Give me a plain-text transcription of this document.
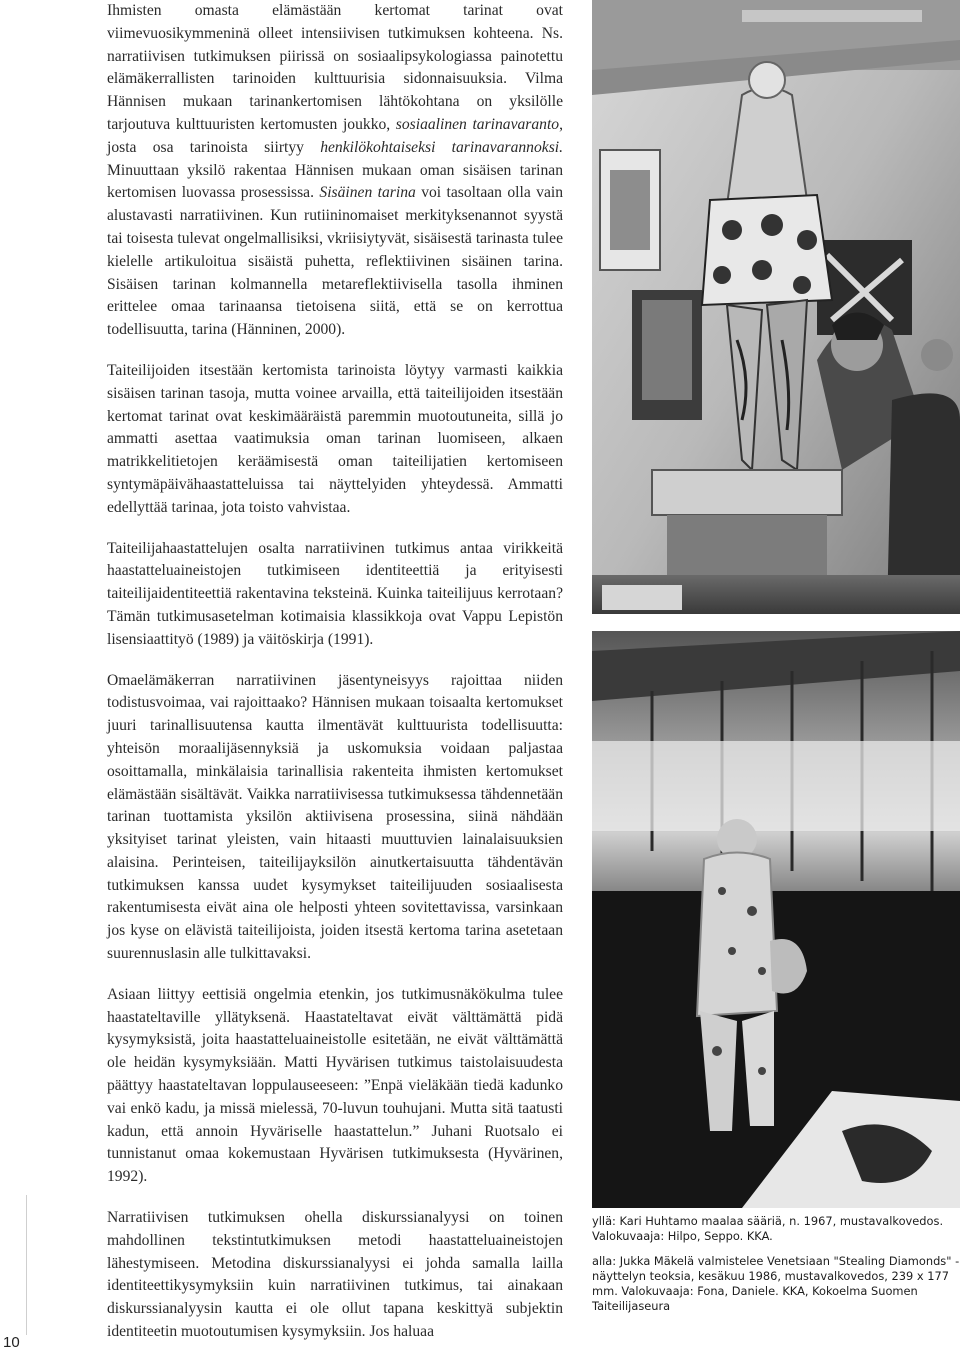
Ihmisten omasta elämästään kertomat tarinat ovat viimevuosikymmeninä olleet intensiivisen tutkimuksen kohteena. Ns. narratiivisen tutkimuksen piirissä on sosiaalipsykologiassa painotettu elämäkerrallisten tarinoiden kulttuurisia sidonnaisuuksia. Vilma Hännisen mukaan tarinankertomisen lähtökohtana on yksilölle tarjoutuva kulttuuristen kertomusten joukko, sosiaalinen tarinavaranto, josta osa tarinoista siirtyy henkilökohtaiseksi tarinavarannoksi. Minuuttaan yksilö rakentaa Hännisen mukaan oman sisäisen tarinan kertomisen luovassa prosessissa. Sisäinen tarina voi tasoltaan olla vain alustavasti narratiivinen. Kun rutiininomaiset merkityksenannot syystä tai toisesta tulevat ongelmallisiksi, vkriisiytyvät, sisäisestä tarinasta tulee kielelle artikuloitua sisäistä puhetta, reflektiivinen sisäinen tarina. Sisäisen tarinan kolmannella metareflektiivisella tasolla ihminen erittelee omaa tarinaansa tietoisena siitä, että se on kerrottua todellisuutta, tarina (Hänninen, 2000).

Taiteilijoiden itsestään kertomista tarinoista löytyy varmasti kaikkia sisäisen tarinan tasoja, mutta voinee arvailla, että taiteilijoiden itsestään kertomat tarinat ovat keskimääräistä paremmin muotoutuneita, sillä jo ammatti asettaa vaatimuksia oman tarinan luomiseen, alkaen matrikkelitietojen keräämisestä oman taiteilijatien kertomiseen syntymäpäivähaastatteluissa tai näyttelyiden yhteydessä. Ammatti edellyttää tarinaa, jota toisto vahvistaa.

Taiteilijahaastattelujen osalta narratiivinen tutkimus antaa virikkeitä haastatteluaineistojen tutkimiseen identiteettiä ja erityisesti taiteilijaidentiteettiä rakentavina teksteinä. Kuinka taiteilijuus kerrotaan? Tämän tutkimusasetelman kotimaisia klassikkoja ovat Vappu Lepistön lisensiaattityö (1989) ja väitöskirja (1991).

Omaelämäkerran narratiivinen jäsentyneisyys rajoittaa niiden todistusvoimaa, vai rajoittaako? Hännisen mukaan toisaalta kertomukset juuri tarinallisuutensa kautta ilmentävät kulttuurista todellisuutta: yhteisön moraalijäsennyksiä ja uskomuksia voidaan paljastaa osoittamalla, minkälaisia tarinallisia rakenteita ihmisten kertomukset elämästään sisältävät. Vaikka narratiivisessa tutkimuksessa tähdennetään tarinan tuottamista yksilön aktiivisena prosessina, siinä nähdään yksityiset tarinat yleisten, vain hitaasti muuttuvien lainalaisuuksien alaisina. Perinteisen, taiteilijayksilön ainutkertaisuutta tähdentävän tutkimuksen kanssa uudet kysymykset taiteilijuuden sosiaalisesta rakentumisesta eivät aina ole helposti yhteen sovitettavissa, varsinkaan jos kyse on elävistä taiteilijoista, joiden itsestä kertoma tarina asetetaan suurennuslasin alle tulkittavaksi.

Asiaan liittyy eettisiä ongelmia etenkin, jos tutkimusnäkökulma tulee haastateltaville yllätyksenä. Haastateltavat eivät välttämättä pidä kysymyksistä, joita haastatteluaineistolle esitetään, ne eivät välttämättä ole heidän kysymyksiään. Matti Hyvärisen tutkimus taistolaisuudesta päättyy haastateltavan loppulauseeseen: ”Enpä vieläkään tiedä kadunko vai enkö kadu, ja missä mielessä, 70-luvun touhujani. Mutta sitä taatusti kadun, että annoin Hyväriselle haastattelun.” Juhani Ruotsalo ei tunnistanut omaa kokemustaan Hyvärisen tutkimuksesta (Hyvärinen, 1992).

Narratiivisen tutkimuksen ohella diskurssianalyysi on toinen mahdollinen tekstintutkimuksen metodi haastatteluaineistojen lähestymiseen. Metodina diskurssianalyysi ei johda samalla lailla identiteettikysymyksiin kuin narratiivinen tutkimus, tai ainakaan diskurssianalyysin kautta ei ole ollut tapana keskittyä subjektin identiteetin muotoutumisen kysymyksiin. Jos haluaa

yllä: Kari Huhtamo maalaa sääriä, n. 1967, mustavalkovedos. Valokuvaaja: Hilpo, Seppo. KKA.
alla: Jukka Mäkelä valmistelee Venetsiaan "Stealing Diamonds" -näyttelyn teoksia, kesäkuu 1986, mustavalkovedos, 239 x 177 mm. Valokuvaaja: Fona, Daniele. KKA, Kokoelma Suomen Taiteilijaseura
10
